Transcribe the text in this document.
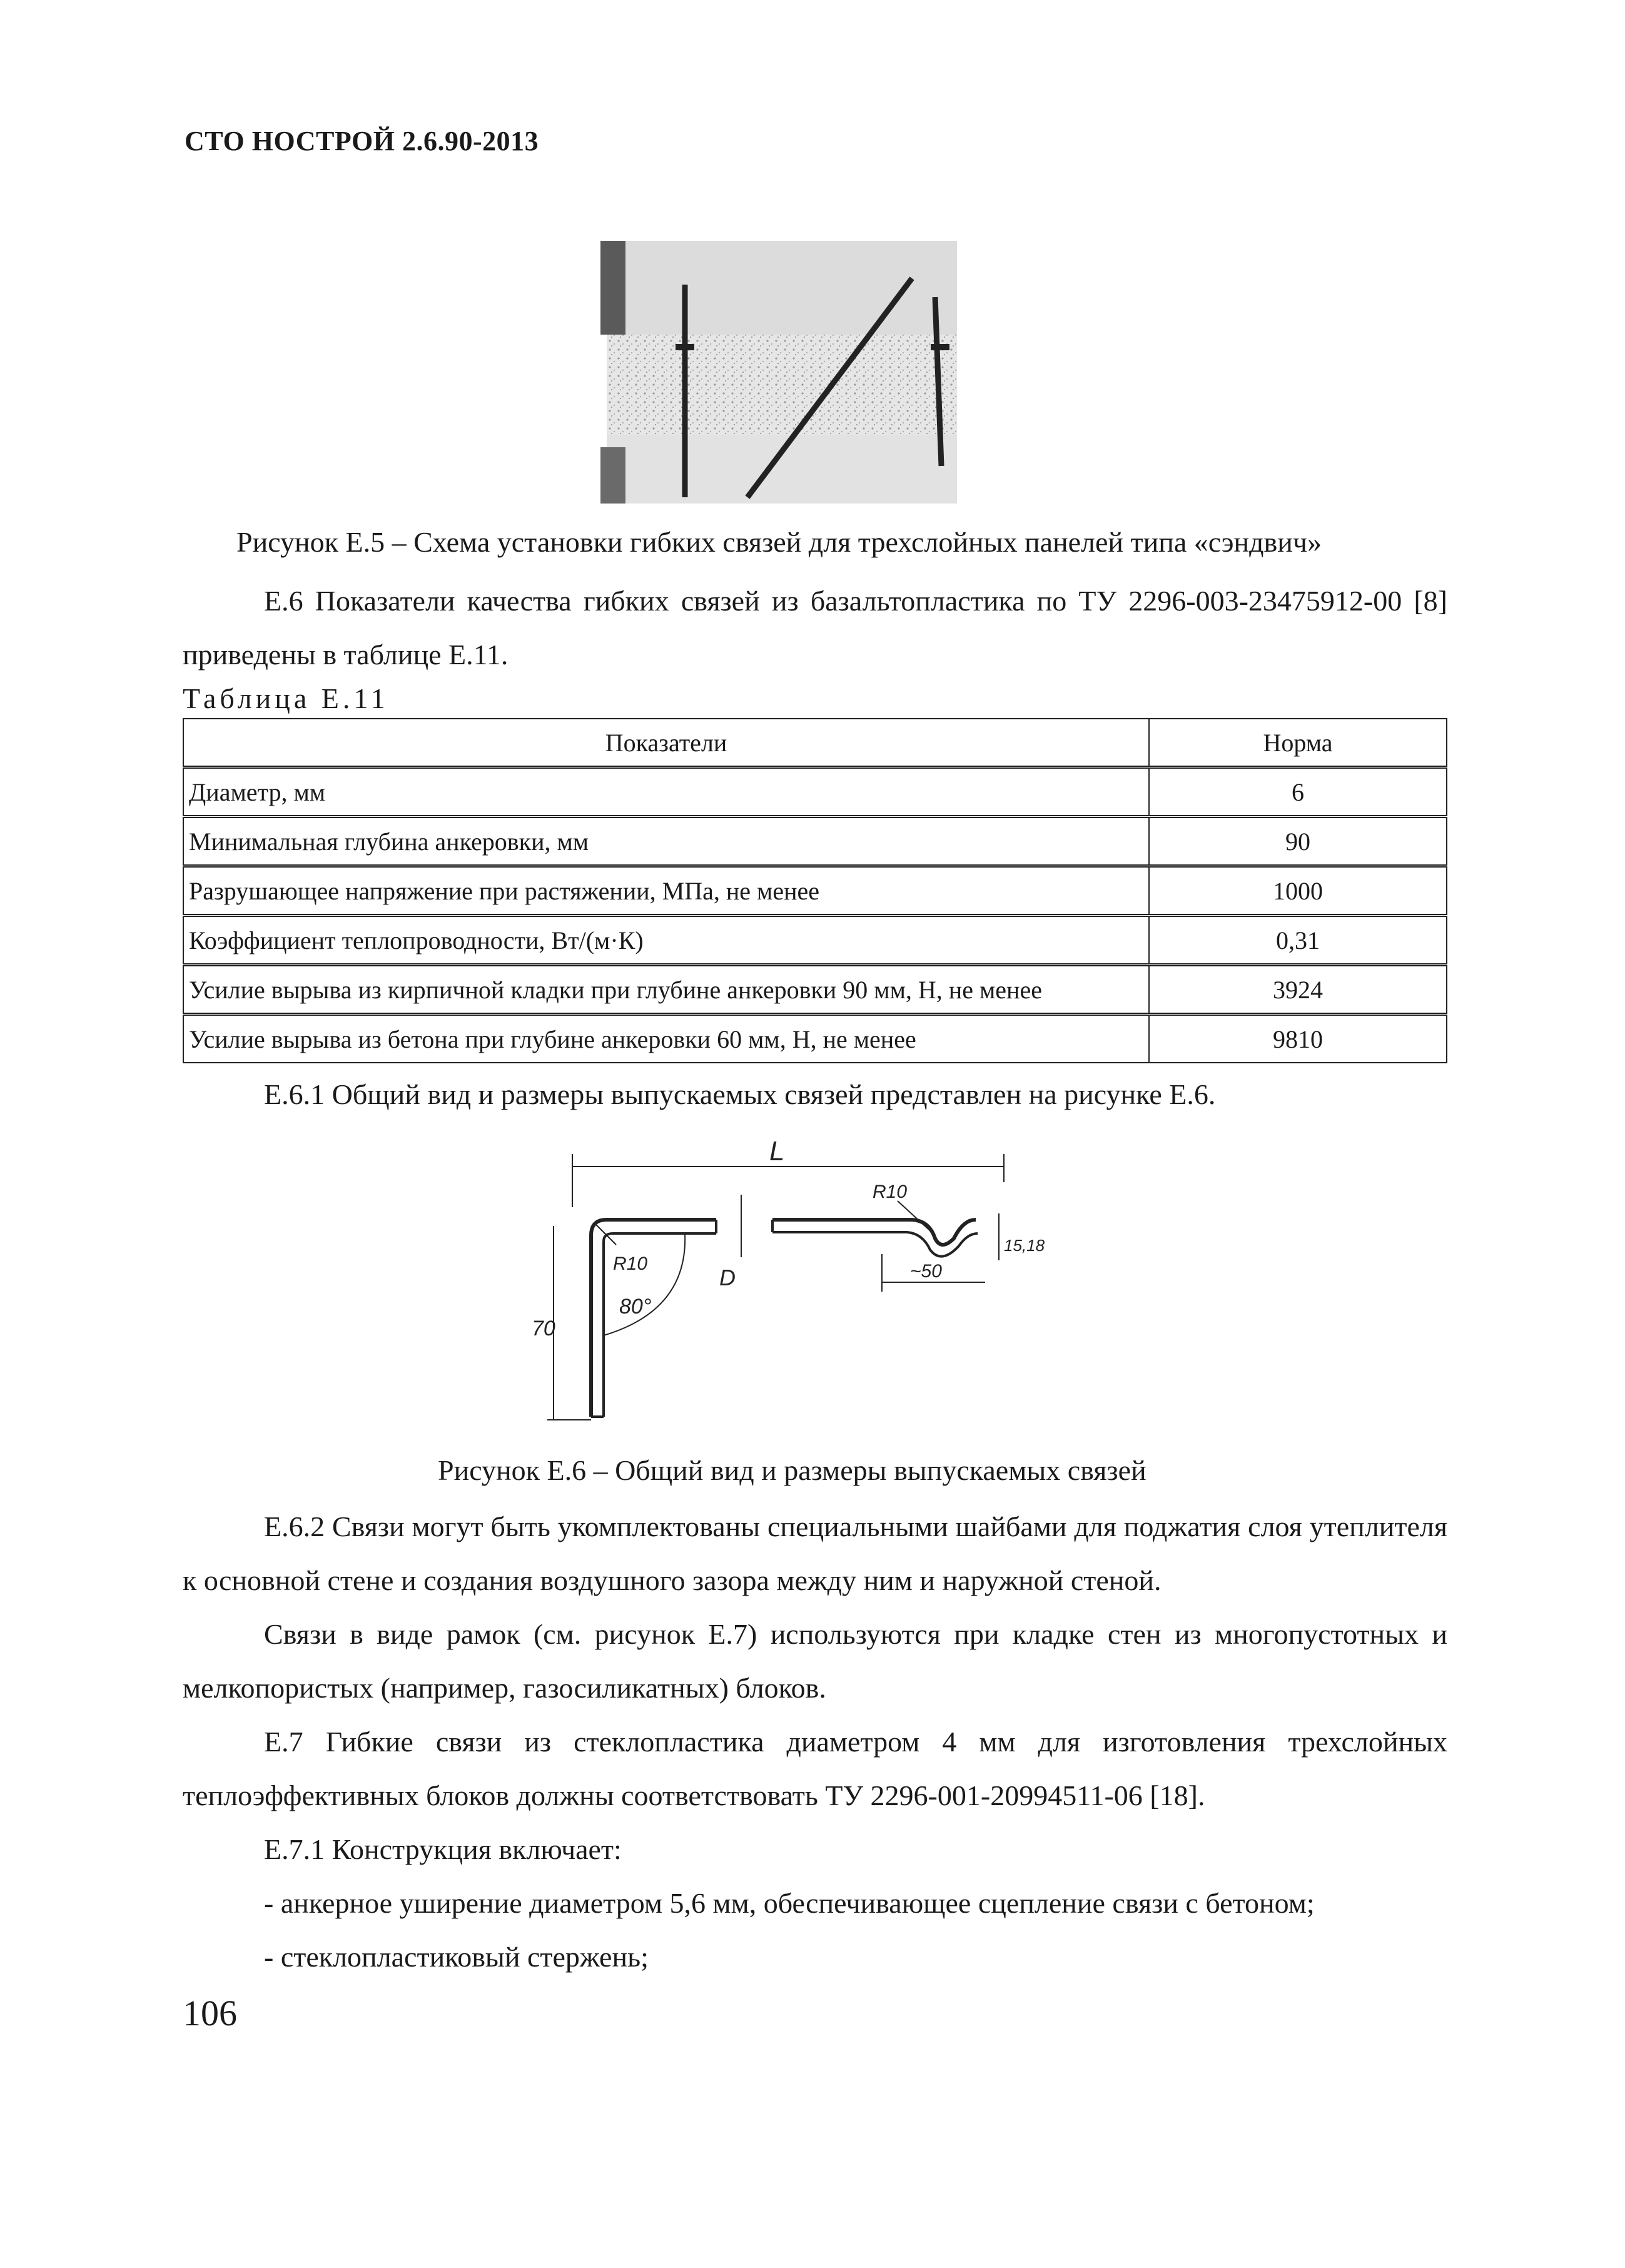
СТО НОСТРОЙ 2.6.90-2013
Рисунок Е.5 – Схема установки гибких связей для трехслойных панелей типа «сэндвич»
Е.6 Показатели качества гибких связей из базальтопластика по ТУ 2296-003-23475912-00 [8] приведены в таблице Е.11.
Таблица Е.11
Показатели	Норма
Диаметр, мм	6
Минимальная глубина анкеровки, мм	90
Разрушающее напряжение при растяжении, МПа, не менее	1000
Коэффициент теплопроводности, Вт/(м·К)	0,31
Усилие вырыва из кирпичной кладки при глубине анкеровки 90 мм, Н, не менее	3924
Усилие вырыва из бетона при глубине анкеровки 60 мм, Н, не менее	9810
Е.6.1 Общий вид и размеры выпускаемых связей представлен на рисунке Е.6.
L
D
R10
80°
70
R10
~50
15,18
Рисунок Е.6 – Общий вид и размеры выпускаемых связей
Е.6.2 Связи могут быть укомплектованы специальными шайбами для поджатия слоя утеплителя к основной стене и создания воздушного зазора между ним и наружной стеной.
Связи в виде рамок (см. рисунок Е.7) используются при кладке стен из многопустотных и мелкопористых (например, газосиликатных) блоков.
Е.7 Гибкие связи из стеклопластика диаметром 4 мм для изготовления трехслойных теплоэффективных блоков должны соответствовать ТУ 2296-001-20994511-06 [18].
Е.7.1 Конструкция включает:
- анкерное уширение диаметром 5,6 мм, обеспечивающее сцепление связи с бетоном;
- стеклопластиковый стержень;
106
